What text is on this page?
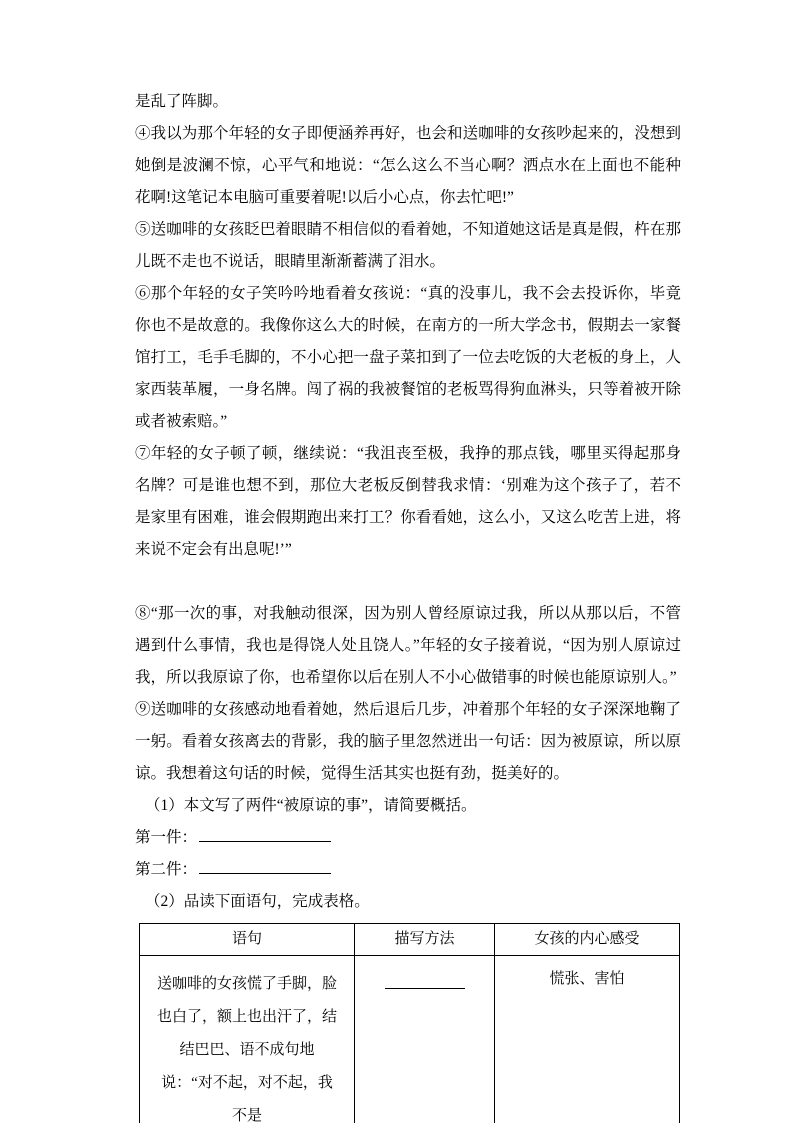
是乱了阵脚。

④我以为那个年轻的女子即便涵养再好，也会和送咖啡的女孩吵起来的，没想到她倒是波澜不惊，心平气和地说：“怎么这么不当心啊？洒点水在上面也不能种花啊!这笔记本电脑可重要着呢!以后小心点，你去忙吧!”

⑤送咖啡的女孩眨巴着眼睛不相信似的看着她，不知道她这话是真是假，杵在那儿既不走也不说话，眼睛里渐渐蓄满了泪水。

⑥那个年轻的女子笑吟吟地看着女孩说：“真的没事儿，我不会去投诉你，毕竟你也不是故意的。我像你这么大的时候，在南方的一所大学念书，假期去一家餐馆打工，毛手毛脚的，不小心把一盘子菜扣到了一位去吃饭的大老板的身上，人家西装革履，一身名牌。闯了祸的我被餐馆的老板骂得狗血淋头，只等着被开除或者被索赔。”

⑦年轻的女子顿了顿，继续说：“我沮丧至极，我挣的那点钱，哪里买得起那身名牌？可是谁也想不到，那位大老板反倒替我求情：‘别难为这个孩子了，若不是家里有困难，谁会假期跑出来打工？你看看她，这么小，又这么吃苦上进，将来说不定会有出息呢!’”

⑧“那一次的事，对我触动很深，因为别人曾经原谅过我，所以从那以后，不管遇到什么事情，我也是得饶人处且饶人。”年轻的女子接着说，“因为别人原谅过我，所以我原谅了你，也希望你以后在别人不小心做错事的时候也能原谅别人。”

⑨送咖啡的女孩感动地看着她，然后退后几步，冲着那个年轻的女子深深地鞠了一躬。看着女孩离去的背影，我的脑子里忽然迸出一句话：因为被原谅，所以原谅。我想着这句话的时候，觉得生活其实也挺有劲，挺美好的。

（1）本文写了两件“被原谅的事”，请简要概括。

第一件：

第二件：

（2）品读下面语句，完成表格。

语句	描写方法	女孩的内心感受
送咖啡的女孩慌了手脚，脸也白了，额上也出汗了，结结巴巴、语不成句地说：“对不起，对不起，我不是		慌张、害怕
